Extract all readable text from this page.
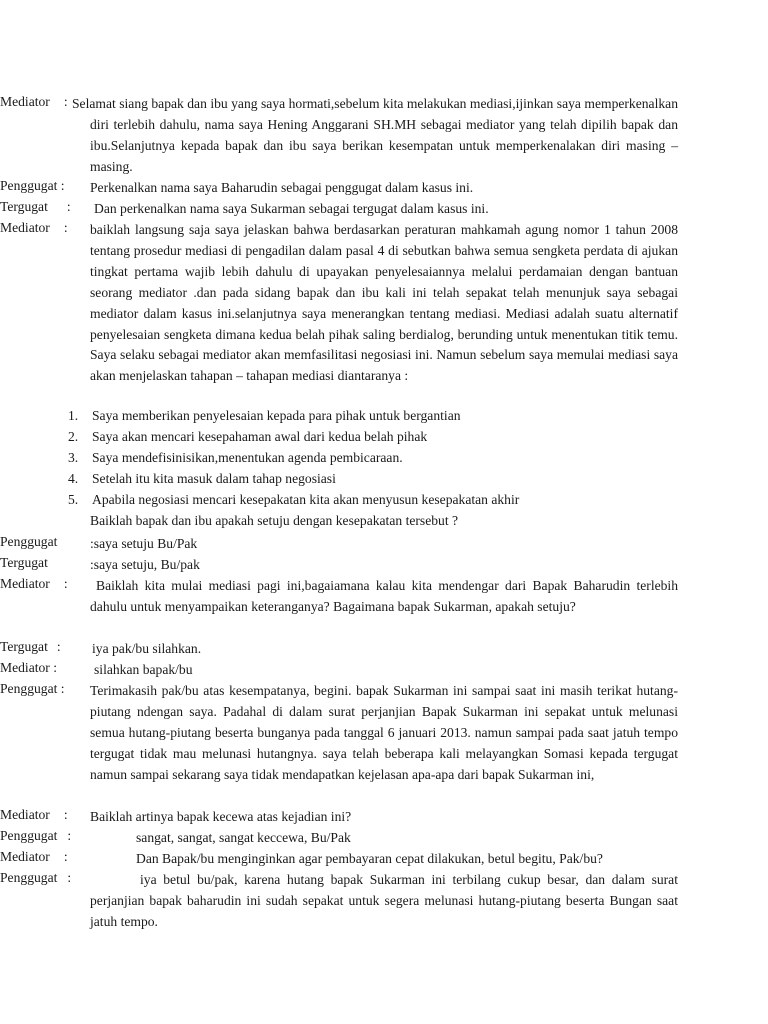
Mediator : Selamat siang bapak dan ibu yang saya hormati,sebelum kita melakukan mediasi,ijinkan saya memperkenalkan diri terlebih dahulu, nama saya Hening Anggarani SH.MH sebagai mediator yang telah dipilih bapak dan ibu.Selanjutnya kepada bapak dan ibu saya berikan kesempatan untuk memperkenalakan diri masing – masing.
Penggugat : Perkenalkan nama saya Baharudin sebagai penggugat dalam kasus ini.
Tergugat : Dan perkenalkan nama saya Sukarman sebagai tergugat dalam kasus ini.
Mediator : baiklah langsung saja saya jelaskan bahwa berdasarkan peraturan mahkamah agung nomor 1 tahun 2008 tentang prosedur mediasi di pengadilan dalam pasal 4 di sebutkan bahwa semua sengketa perdata di ajukan tingkat pertama wajib lebih dahulu di upayakan penyelesaiannya melalui perdamaian dengan bantuan seorang mediator .dan pada sidang bapak dan ibu kali ini telah sepakat telah menunjuk saya sebagai mediator dalam kasus ini.selanjutnya saya menerangkan tentang mediasi. Mediasi adalah suatu alternatif penyelesaian sengketa dimana kedua belah pihak saling berdialog, berunding untuk menentukan titik temu. Saya selaku sebagai mediator akan memfasilitasi negosiasi ini. Namun sebelum saya memulai mediasi saya akan menjelaskan tahapan – tahapan mediasi diantaranya :
1. Saya memberikan penyelesaian kepada para pihak untuk bergantian
2. Saya akan mencari kesepahaman awal dari kedua belah pihak
3. Saya mendefisinisikan,menentukan agenda pembicaraan.
4. Setelah itu kita masuk dalam tahap negosiasi
5. Apabila negosiasi mencari kesepakatan kita akan menyusun kesepakatan akhir
Baiklah bapak dan ibu apakah setuju dengan kesepakatan tersebut ?
Penggugat :saya setuju Bu/Pak
Tergugat	:saya setuju, Bu/pak
Mediator :	Baiklah kita mulai mediasi pagi ini,bagaiamana kalau kita mendengar dari Bapak Baharudin terlebih dahulu untuk menyampaikan keteranganya? Bagaimana bapak Sukarman, apakah setuju?
Tergugat : iya pak/bu silahkan.
Mediator :	silahkan bapak/bu
Penggugat : Terimakasih pak/bu atas kesempatanya, begini. bapak Sukarman ini sampai saat ini masih terikat hutang-piutang ndengan saya. Padahal di dalam surat perjanjian Bapak Sukarman ini sepakat untuk melunasi semua hutang-piutang beserta bunganya pada tanggal 6 januari 2013. namun sampai pada saat jatuh tempo tergugat tidak mau melunasi hutangnya. saya telah beberapa kali melayangkan Somasi kepada tergugat namun sampai sekarang saya tidak mendapatkan kejelasan apa-apa dari bapak Sukarman ini,
Mediator : Baiklah artinya bapak kecewa atas kejadian ini?
Penggugat :	sangat, sangat, sangat keccewa, Bu/Pak
Mediator :	Dan Bapak/bu menginginkan agar pembayaran cepat dilakukan, betul begitu, Pak/bu?
Penggugat :	iya betul bu/pak, karena hutang bapak Sukarman ini terbilang cukup besar, dan dalam surat perjanjian bapak baharudin ini sudah sepakat untuk segera melunasi hutang-piutang beserta Bungan saat jatuh tempo.
